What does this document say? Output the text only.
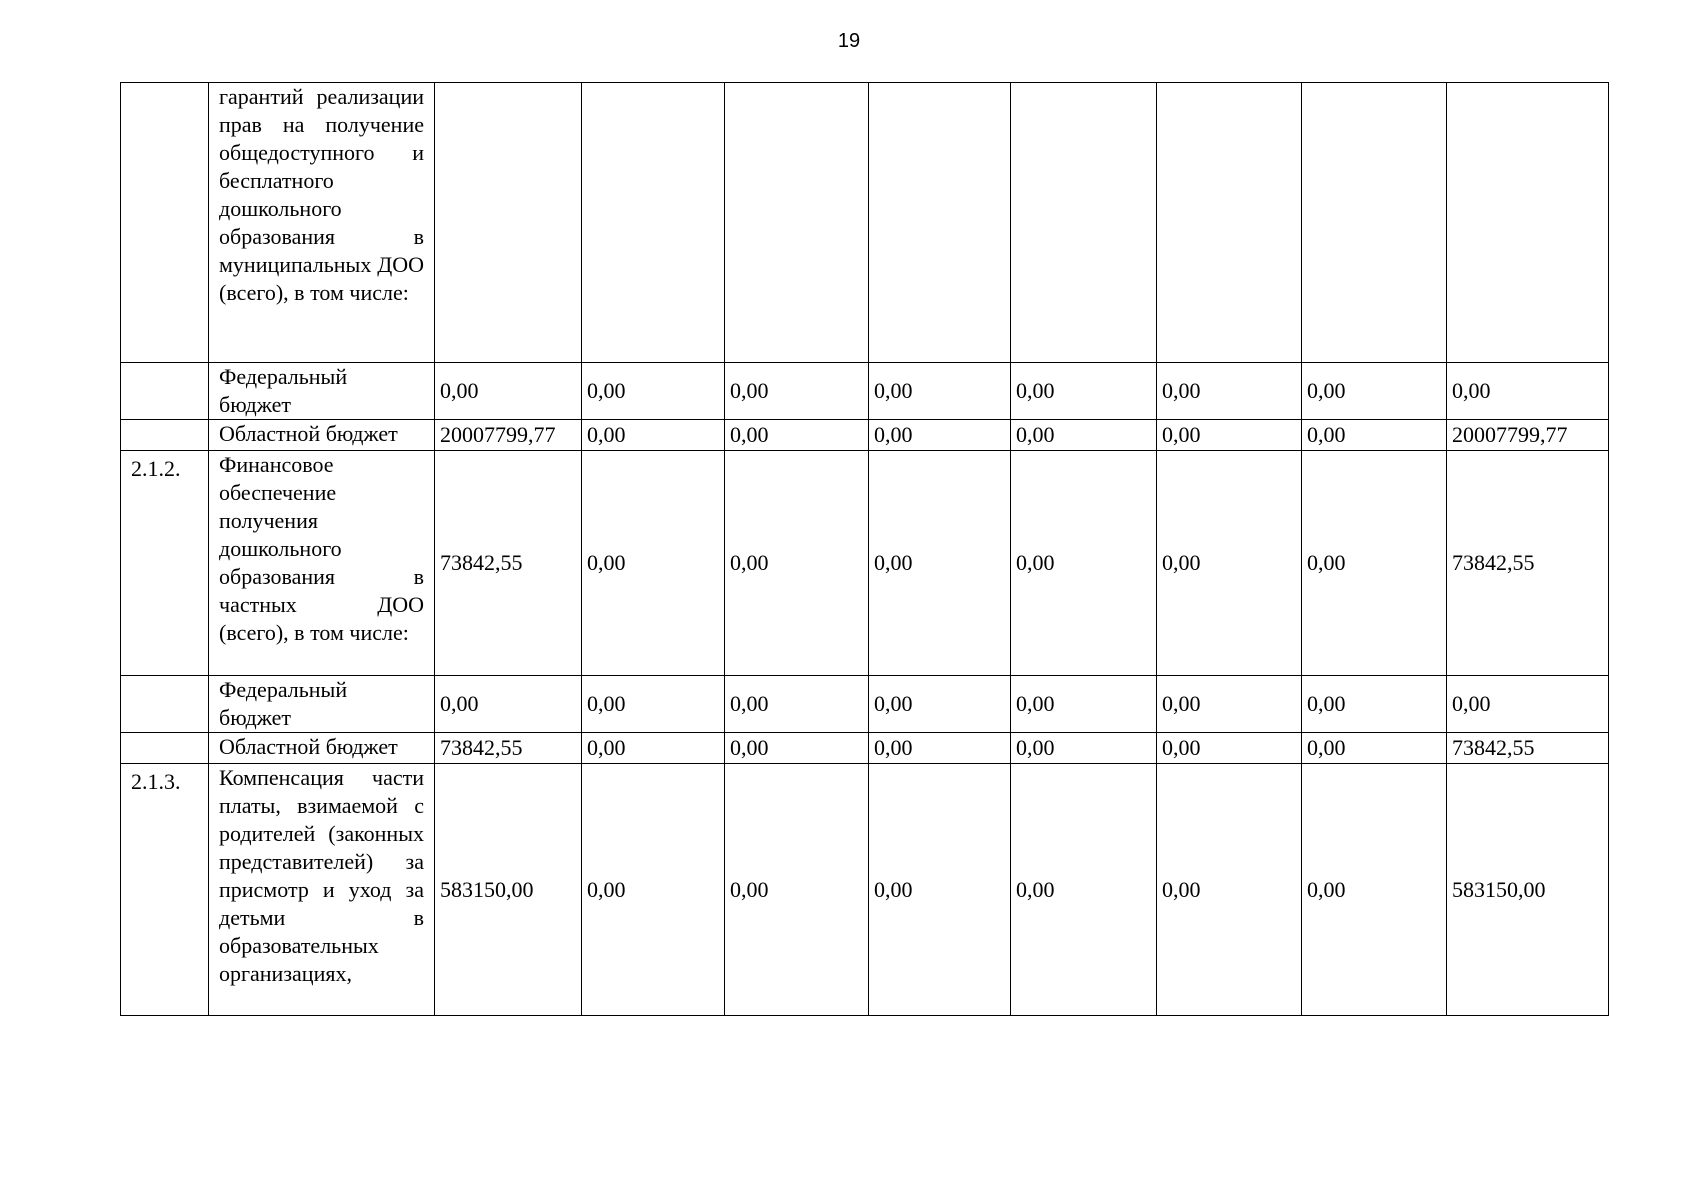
19
	гарантий реализации прав на получение общедоступного и бесплатного дошкольного образования в муниципальных ДОО (всего), в том числе:								
	Федеральный бюджет	0,00	0,00	0,00	0,00	0,00	0,00	0,00	0,00
	Областной бюджет	20007799,77	0,00	0,00	0,00	0,00	0,00	0,00	20007799,77
2.1.2.	Финансовое обеспечение получения дошкольного образования в частных ДОО (всего), в том числе:	73842,55	0,00	0,00	0,00	0,00	0,00	0,00	73842,55
	Федеральный бюджет	0,00	0,00	0,00	0,00	0,00	0,00	0,00	0,00
	Областной бюджет	73842,55	0,00	0,00	0,00	0,00	0,00	0,00	73842,55
2.1.3.	Компенсация части платы, взимаемой с родителей (законных представителей) за присмотр и уход за детьми в образовательных организациях,	583150,00	0,00	0,00	0,00	0,00	0,00	0,00	583150,00
